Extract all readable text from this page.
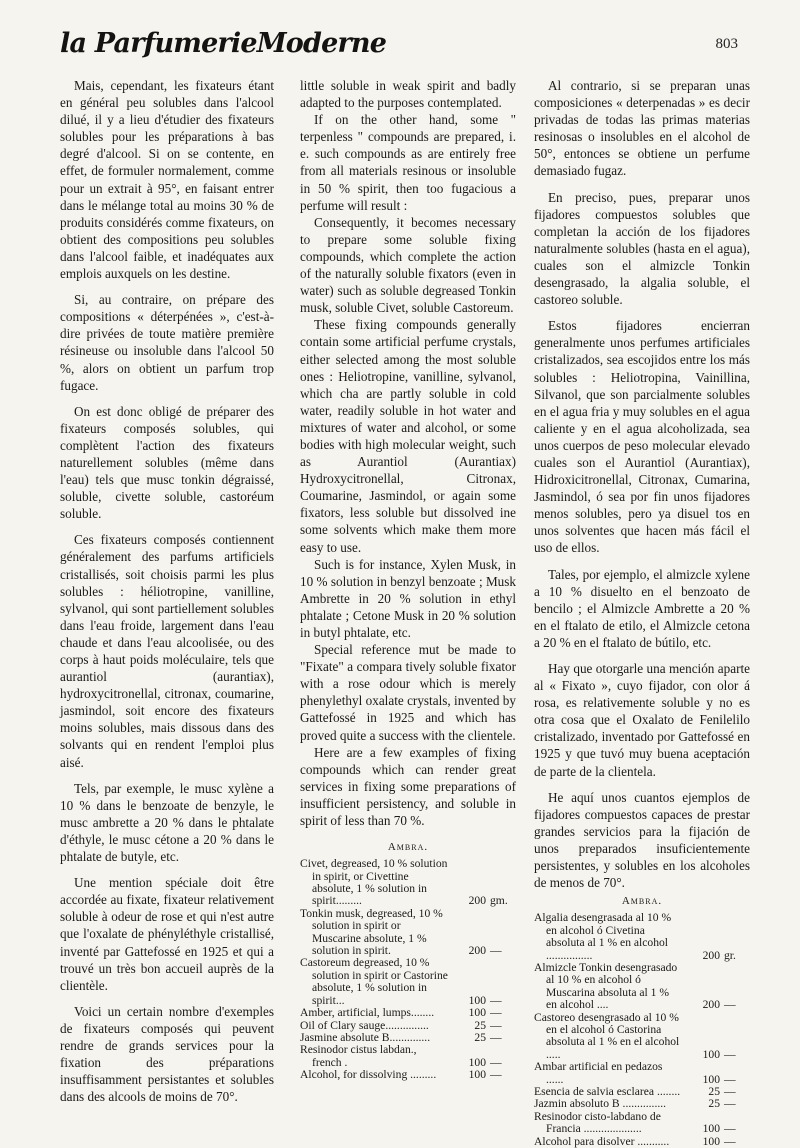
la ParfumerieModerne	803

Mais, cependant, les fixateurs étant en général peu solubles dans l'alcool dilué, il y a lieu d'étudier des fixateurs solubles pour les préparations à bas degré d'alcool. Si on se contente, en effet, de formuler normalement, comme pour un extrait à 95°, en faisant entrer dans le mélange total au moins 30 % de produits considérés comme fixateurs, on obtient des compositions peu solubles dans l'alcool faible, et inadéquates aux emplois auxquels on les destine.

Si, au contraire, on prépare des compositions « déterpénées », c'est-à-dire privées de toute matière première résineuse ou insoluble dans l'alcool 50 %, alors on obtient un parfum trop fugace.

On est donc obligé de préparer des fixateurs composés solubles, qui complètent l'action des fixateurs naturellement solubles (même dans l'eau) tels que musc tonkin dégraissé, soluble, civette soluble, castoréum soluble.

Ces fixateurs composés contiennent généralement des parfums artificiels cristallisés, soit choisis parmi les plus solubles : héliotropine, vanilline, sylvanol, qui sont partiellement solubles dans l'eau froide, largement dans l'eau chaude et dans l'eau alcoolisée, ou des corps à haut poids moléculaire, tels que aurantiol (aurantiax), hydroxycitronellal, citronax, coumarine, jasmindol, soit encore des fixateurs moins solubles, mais dissous dans des solvants qui en rendent l'emploi plus aisé.

Tels, par exemple, le musc xylène a 10 % dans le benzoate de benzyle, le musc ambrette a 20 % dans le phtalate d'éthyle, le musc cétone a 20 % dans le phtalate de butyle, etc.

Une mention spéciale doit être accordée au fixate, fixateur relativement soluble à odeur de rose et qui n'est autre que l'oxalate de phényléthyle cristallisé, inventé par Gattefossé en 1925 et qui a trouvé un très bon accueil auprès de la clientèle.

Voici un certain nombre d'exemples de fixateurs composés qui peuvent rendre de grands services pour la fixation des préparations insuffisamment persistantes et solubles dans des alcools de moins de 70°.

little soluble in weak spirit and badly adapted to the purposes contemplated.

If on the other hand, some " terpenless " compounds are prepared, i. e. such compounds as are entirely free from all materials resinous or insoluble in 50 % spirit, then too fugacious a perfume will result :

Consequently, it becomes necessary to prepare some soluble fixing compounds, which complete the action of the naturally soluble fixators (even in water) such as soluble degreased Tonkin musk, soluble Civet, soluble Castoreum.

These fixing compounds generally contain some artificial perfume crystals, either selected among the most soluble ones : Heliotropine, vanilline, sylvanol, which cha are partly soluble in cold water, readily soluble in hot water and mixtures of water and alcohol, or some bodies with high molecular weight, such as Aurantiol (Aurantiax) Hydroxycitronellal, Citronax, Coumarine, Jasmindol, or again some fixators, less soluble but dissolved ine some solvents which make them more easy to use.

Such is for instance, Xylen Musk, in 10 % solution in benzyl benzoate ; Musk Ambrette in 20 % solution in ethyl phtalate ; Cetone Musk in 20 % solution in butyl phtalate, etc.

Special reference mut be made to "Fixate" a compara tively soluble fixator with a rose odour which is merely phenylethyl oxalate crystals, invented by Gattefossé in 1925 and which has proved quite a success with the clientele.

Here are a few examples of fixing compounds which can render great services in fixing some preparations of insufficient persistency, and soluble in spirit of less than 70 %.

Ambra.
Civet, degreased, 10 % solution in spirit, or Civettine absolute, 1 % solution in spirit.........	200	gm.
Tonkin musk, degreased, 10 % solution in spirit or Muscarine absolute, 1 % solution in spirit.	200	—
Castoreum degreased, 10 % solution in spirit or Castorine absolute, 1 % solution in spirit...	100	—
Amber, artificial, lumps........	100	—
Oil of Clary sauge...............	25	—
Jasmine absolute B..............	25	—
Resinodor cistus labdan., french .	100	—
Alcohol, for dissolving .........	100	—

Al contrario, si se preparan unas composiciones « deterpenadas » es decir privadas de todas las primas materias resinosas o insolubles en el alcohol de 50°, entonces se obtiene un perfume demasiado fugaz.

En preciso, pues, preparar unos fijadores compuestos solubles que completan la acción de los fijadores naturalmente solubles (hasta en el agua), cuales son el almizcle Tonkin desengrasado, la algalia soluble, el castoreo soluble.

Estos fijadores encierran generalmente unos perfumes artificiales cristalizados, sea escojidos entre los más solubles : Heliotropina, Vainillina, Silvanol, que son parcialmente solubles en el agua fria y muy solubles en el agua caliente y en el agua alcoholizada, sea unos cuerpos de peso molecular elevado cuales son el Aurantiol (Aurantiax), Hidroxicitronellal, Citronax, Cumarina, Jasmindol, ó sea por fin unos fijadores menos solubles, pero ya disuel tos en unos solventes que hacen más fácil el uso de ellos.

Tales, por ejemplo, el almizcle xylene a 10 % disuelto en el benzoato de bencilo ; el Almizcle Ambrette a 20 % en el ftalato de etilo, el Almizcle cetona a 20 % en el ftalato de bútilo, etc.

Hay que otorgarle una mención aparte al « Fixato », cuyo fijador, con olor á rosa, es relativemente soluble y no es otra cosa que el Oxalato de Fenilelilo cristalizado, inventado por Gattefossé en 1925 y que tuvó muy buena aceptación de parte de la clientela.

He aquí unos cuantos ejemplos de fijadores compuestos capaces de prestar grandes servicios para la fijación de unos preparados insuficientemente persistentes, y solubles en los alcoholes de menos de 70°.

Ambra.
Algalia desengrasada al 10 % en alcohol ó Civetina absoluta al 1 % en alcohol ................	200	gr.
Almizcle Tonkin desengrasado al 10 % en alcohol ó Muscarina absoluta al 1 % en alcohol ....	200	—
Castoreo desengrasado al 10 % en el alcohol ó Castorina absoluta al 1 % en el alcohol .....	100	—
Ambar artificial en pedazos ......	100	—
Esencia de salvia esclarea ........	25	—
Jazmin absoluto B ...............	25	—
Resinodor cisto-labdano de Francia ....................	100	—
Alcohol para disolver ...........	100	—
